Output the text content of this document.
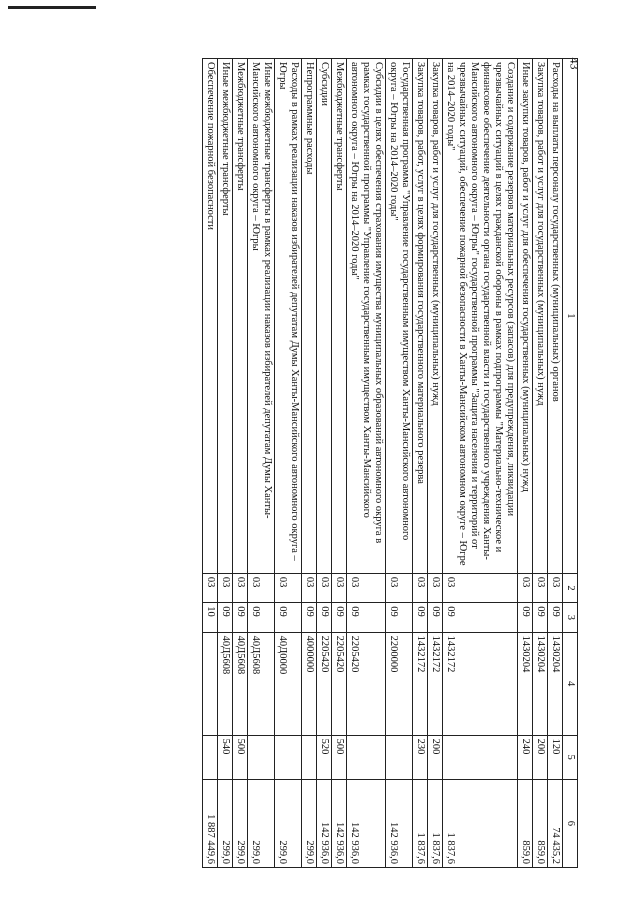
43
1	2	3	4	5	6
Расходы на выплаты персоналу государственных (муниципальных) органов	03	09	1430204	120	74 435,2
Закупка товаров, работ и услуг для государственных (муниципальных) нужд	03	09	1430204	200	859,0
Иные закупки товаров, работ и услуг для обеспечения государственных (муниципальных) нужд	03	09	1430204	240	859,0
Создание и содержание резервов материальных ресурсов (запасов) для предупреждения, ликвидации чрезвычайных ситуаций в целях гражданской обороны в рамках подпрограммы "Материально-техническое и финансовое обеспечение деятельности органа государственной власти и государственного учреждения Ханты-Мансийского автономного округа – Югры" государственной программы "Защита населения и территорий от чрезвычайных ситуаций, обеспечение пожарной безопасности в Ханты-Мансийском автономном округе – Югре на 2014–2020 годы"	03	09	1432172		1 837,6
Закупка товаров, работ и услуг для государственных (муниципальных) нужд	03	09	1432172	200	1 837,6
Закупка товаров, работ, услуг в целях формирования государственного материального резерва	03	09	1432172	230	1 837,6
Государственная программа "Управление государственным имуществом Ханты-Мансийского автономного округа – Югры на 2014–2020 годы"	03	09	2200000		142 936,0
Субсидии в целях обеспечения страхования имущества муниципальных образований автономного округа в рамках государственной программы "Управление государственным имуществом Ханты-Мансийского автономного округа – Югры на 2014–2020 годы"	03	09	2205420		142 936,0
Межбюджетные трансферты	03	09	2205420	500	142 936,0
Субсидии	03	09	2205420	520	142 936,0
Непрограммные расходы	03	09	4000000		299,0
Расходы в рамках реализации наказов избирателей депутатам Думы Ханты-Мансийского автономного округа – Югры	03	09	40Д0000		299,0
Иные межбюджетные трансферты в рамках реализации наказов избирателей депутатам Думы Ханты-Мансийского автономного округа – Югры	03	09	40Д5608		299,0
Межбюджетные трансферты	03	09	40Д5608	500	299,0
Иные межбюджетные трансферты	03	09	40Д5608	540	299,0
Обеспечение пожарной безопасности	03	10			1 887 449,6
